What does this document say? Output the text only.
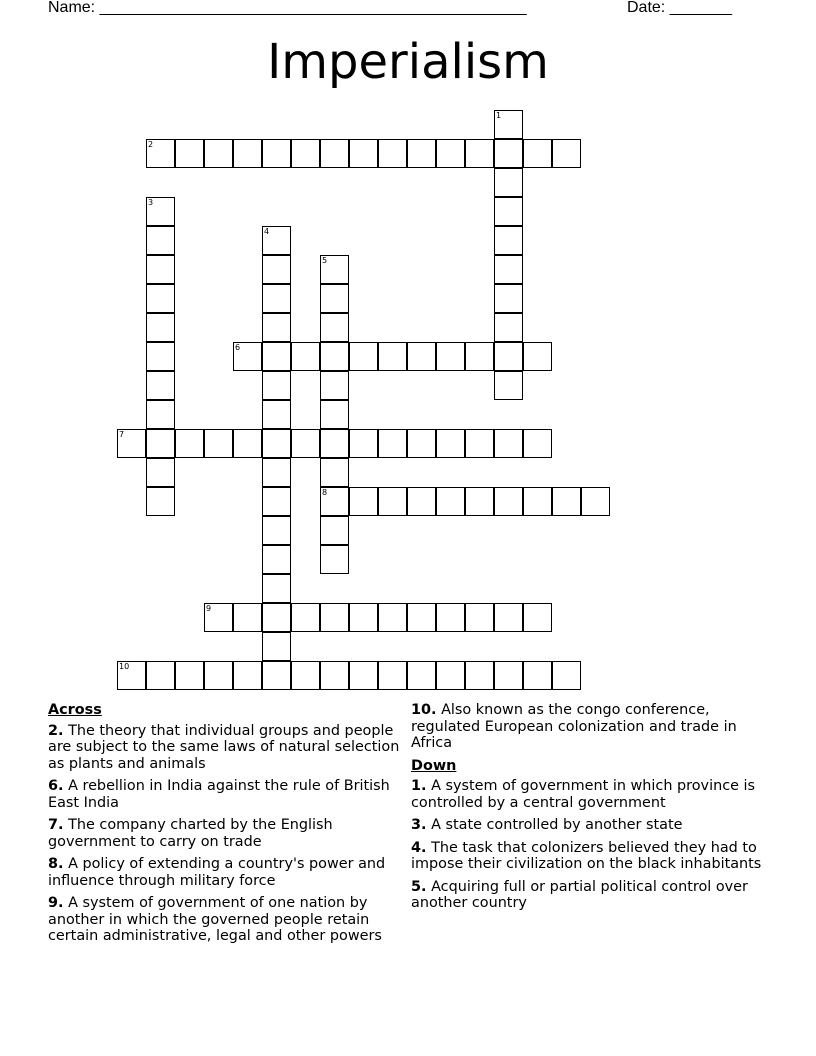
Name: ________________________________________________	Date: _______
Imperialism
1
2
3
4
5
8
6
7
9
10
Across
2. The theory that individual groups and people are subject to the same laws of natural selection as plants and animals
6. A rebellion in India against the rule of British East India
7. The company charted by the English government to carry on trade
8. A policy of extending a country's power and influence through military force
9. A system of government of one nation by another in which the governed people retain certain administrative, legal and other powers
10. Also known as the congo conference, regulated European colonization and trade in Africa
Down
1. A system of government in which province is controlled by a central government
3. A state controlled by another state
4. The task that colonizers believed they had to impose their civilization on the black inhabitants
5. Acquiring full or partial political control over another country
